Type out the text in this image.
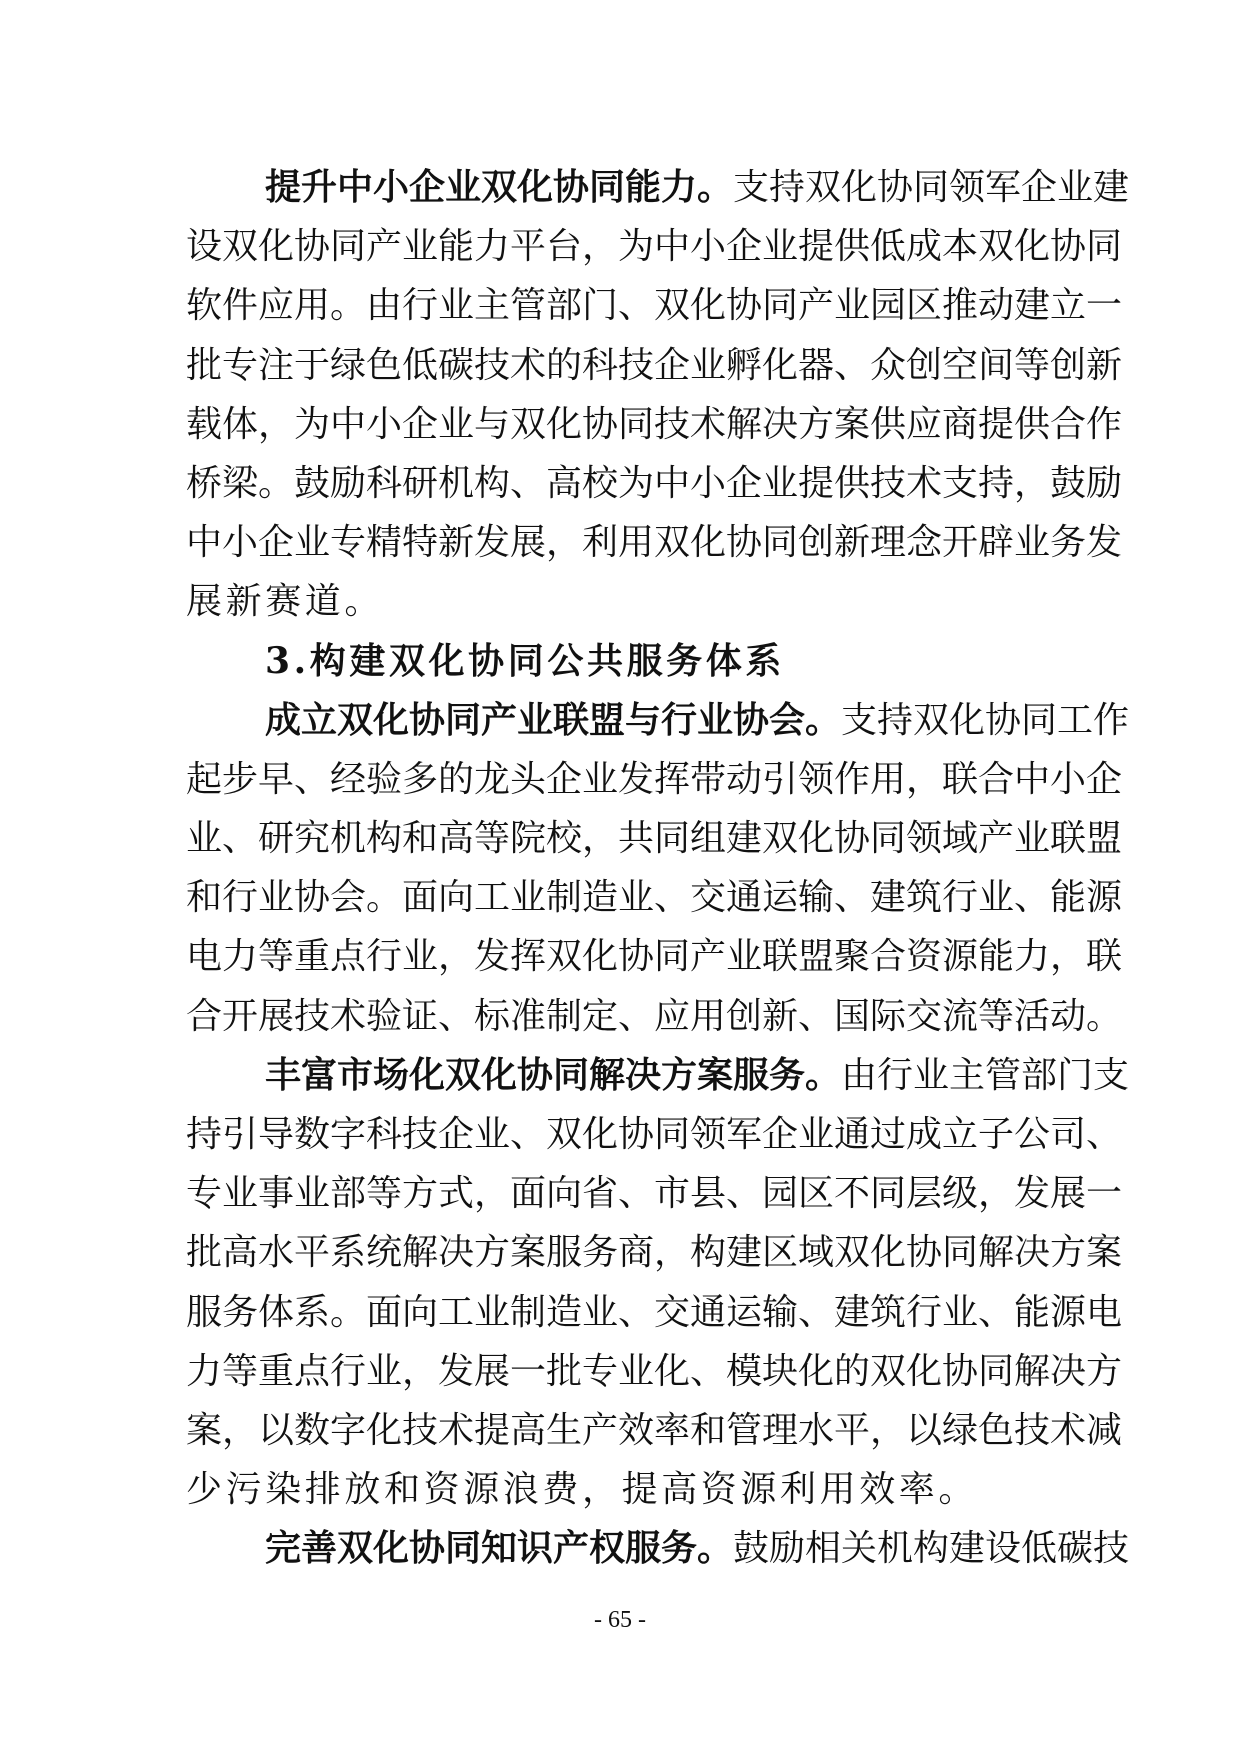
提升中小企业双化协同能力。支持双化协同领军企业建
设双化协同产业能力平台，为中小企业提供低成本双化协同
软件应用。由行业主管部门、双化协同产业园区推动建立一
批专注于绿色低碳技术的科技企业孵化器、众创空间等创新
载体，为中小企业与双化协同技术解决方案供应商提供合作
桥梁。鼓励科研机构、高校为中小企业提供技术支持，鼓励
中小企业专精特新发展，利用双化协同创新理念开辟业务发
展新赛道。
3.构建双化协同公共服务体系
成立双化协同产业联盟与行业协会。支持双化协同工作
起步早、经验多的龙头企业发挥带动引领作用，联合中小企
业、研究机构和高等院校，共同组建双化协同领域产业联盟
和行业协会。面向工业制造业、交通运输、建筑行业、能源
电力等重点行业，发挥双化协同产业联盟聚合资源能力，联
合开展技术验证、标准制定、应用创新、国际交流等活动。
丰富市场化双化协同解决方案服务。由行业主管部门支
持引导数字科技企业、双化协同领军企业通过成立子公司、
专业事业部等方式，面向省、市县、园区不同层级，发展一
批高水平系统解决方案服务商，构建区域双化协同解决方案
服务体系。面向工业制造业、交通运输、建筑行业、能源电
力等重点行业，发展一批专业化、模块化的双化协同解决方
案，以数字化技术提高生产效率和管理水平，以绿色技术减
少污染排放和资源浪费，提高资源利用效率。
完善双化协同知识产权服务。鼓励相关机构建设低碳技
- 65 -
